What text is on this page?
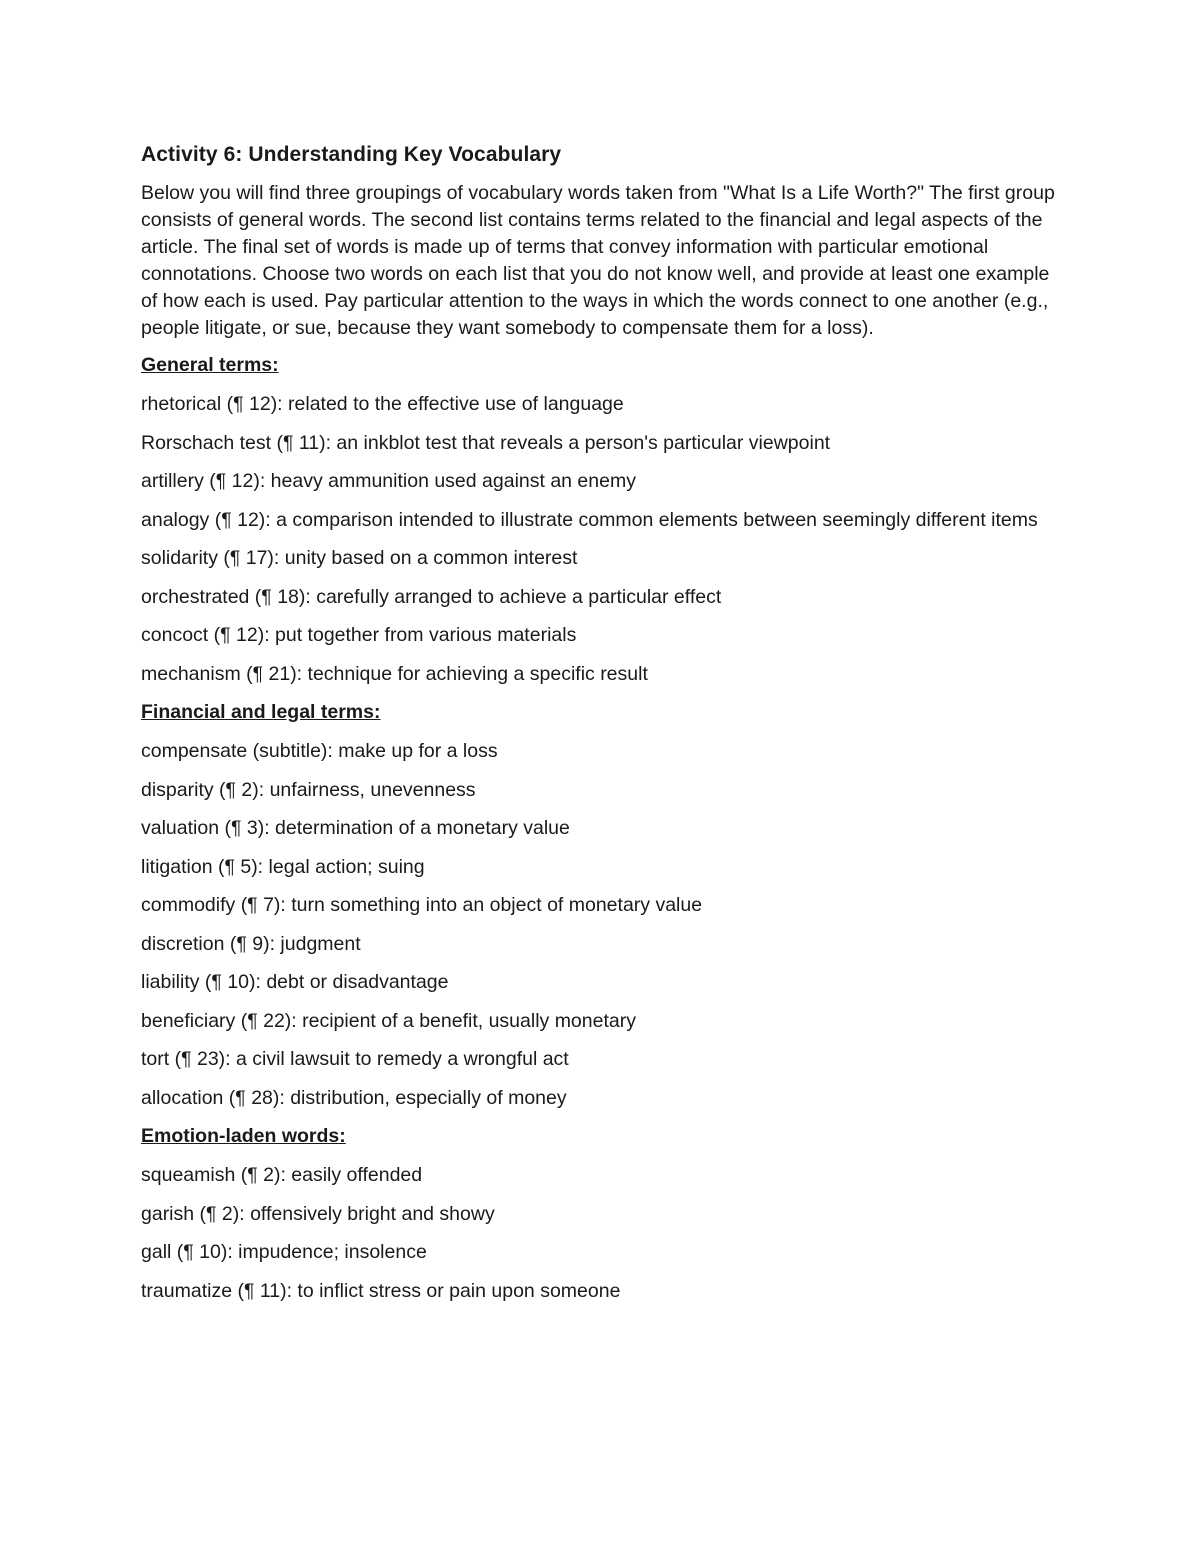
Activity 6: Understanding Key Vocabulary

Below you will find three groupings of vocabulary words taken from "What Is a Life Worth?" The first group consists of general words. The second list contains terms related to the financial and legal aspects of the article. The final set of words is made up of terms that convey information with particular emotional connotations. Choose two words on each list that you do not know well, and provide at least one example of how each is used. Pay particular attention to the ways in which the words connect to one another (e.g., people litigate, or sue, because they want somebody to compensate them for a loss).

General terms:
rhetorical (¶ 12): related to the effective use of language
Rorschach test (¶ 11): an inkblot test that reveals a person's particular viewpoint
artillery (¶ 12): heavy ammunition used against an enemy
analogy (¶ 12): a comparison intended to illustrate common elements between seemingly different items
solidarity (¶ 17): unity based on a common interest
orchestrated (¶ 18): carefully arranged to achieve a particular effect
concoct (¶ 12): put together from various materials
mechanism (¶ 21): technique for achieving a specific result
Financial and legal terms:
compensate (subtitle): make up for a loss
disparity (¶ 2): unfairness, unevenness
valuation (¶ 3): determination of a monetary value
litigation (¶ 5): legal action; suing
commodify (¶ 7): turn something into an object of monetary value
discretion (¶ 9): judgment
liability (¶ 10): debt or disadvantage
beneficiary (¶ 22): recipient of a benefit, usually monetary
tort (¶ 23): a civil lawsuit to remedy a wrongful act
allocation (¶ 28): distribution, especially of money
Emotion-laden words:
squeamish (¶ 2): easily offended
garish (¶ 2): offensively bright and showy
gall (¶ 10): impudence; insolence
traumatize (¶ 11): to inflict stress or pain upon someone
